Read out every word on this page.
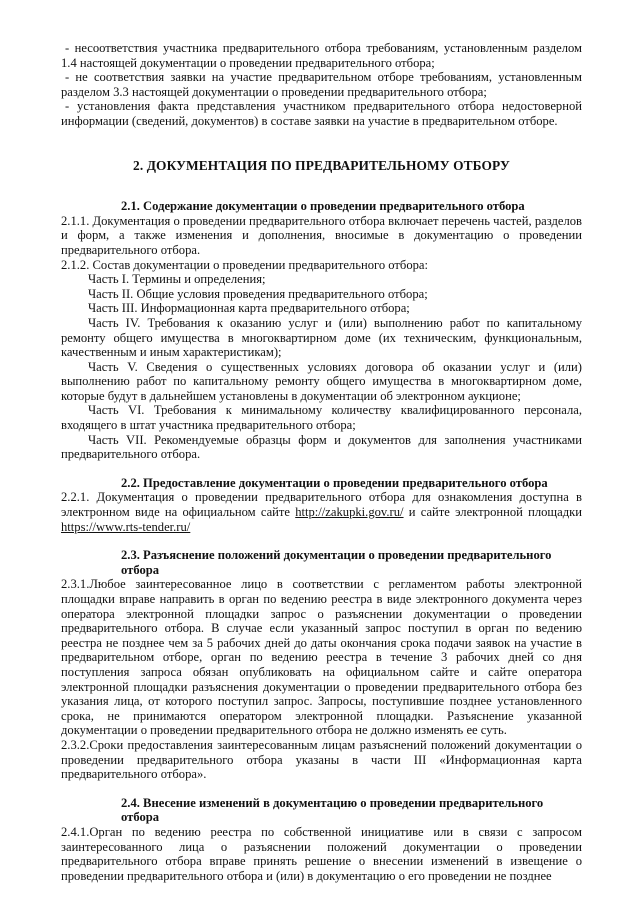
- несоответствия участника предварительного отбора требованиям, установленным разделом 1.4 настоящей документации о проведении предварительного отбора;

- не соответствия заявки на участие предварительном отборе требованиям, установленным разделом 3.3 настоящей документации о проведении предварительного отбора;

- установления факта представления участником предварительного отбора недостоверной информации (сведений, документов) в составе заявки на участие в предварительном отборе.

2. ДОКУМЕНТАЦИЯ ПО ПРЕДВАРИТЕЛЬНОМУ ОТБОРУ
2.1. Содержание документации о проведении предварительного отбора

2.1.1. Документация о проведении предварительного отбора включает перечень частей, разделов и форм, а также изменения и дополнения, вносимые в документацию о проведении предварительного отбора.

2.1.2. Состав документации о проведении предварительного отбора:

Часть I. Термины и определения;

Часть II. Общие условия проведения предварительного отбора;

Часть III. Информационная карта предварительного отбора;

Часть IV. Требования к оказанию услуг и (или) выполнению работ по капитальному ремонту общего имущества в многоквартирном доме (их техническим, функциональным, качественным и иным характеристикам);

Часть V. Сведения о существенных условиях договора об оказании услуг и (или) выполнению работ по капитальному ремонту общего имущества в многоквартирном доме, которые будут в дальнейшем установлены в документации об электронном аукционе;

Часть VI. Требования к минимальному количеству квалифицированного персонала, входящего в штат участника предварительного отбора;

Часть VII. Рекомендуемые образцы форм и документов для заполнения участниками предварительного отбора.

2.2. Предоставление документации о проведении предварительного отбора

2.2.1. Документация о проведении предварительного отбора для ознакомления доступна в электронном виде на официальном сайте http://zakupki.gov.ru/ и сайте электронной площадки https://www.rts-tender.ru/

2.3. Разъяснение положений документации о проведении предварительного отбора

2.3.1.Любое заинтересованное лицо в соответствии с регламентом работы электронной площадки вправе направить в орган по ведению реестра в виде электронного документа через оператора электронной площадки запрос о разъяснении документации о проведении предварительного отбора. В случае если указанный запрос поступил в орган по ведению реестра не позднее чем за 5 рабочих дней до даты окончания срока подачи заявок на участие в предварительном отборе, орган по ведению реестра в течение 3 рабочих дней со дня поступления запроса обязан опубликовать на официальном сайте и сайте оператора электронной площадки разъяснения документации о проведении предварительного отбора без указания лица, от которого поступил запрос. Запросы, поступившие позднее установленного срока, не принимаются оператором электронной площадки. Разъяснение указанной документации о проведении предварительного отбора не должно изменять ее суть.

2.3.2.Сроки предоставления заинтересованным лицам разъяснений положений документации о проведении предварительного отбора указаны в части III «Информационная карта предварительного отбора».

2.4. Внесение изменений в документацию о проведении предварительного отбора

2.4.1.Орган по ведению реестра по собственной инициативе или в связи с запросом заинтересованного лица о разъяснении положений документации о проведении предварительного отбора вправе принять решение о внесении изменений в извещение о проведении предварительного отбора и (или) в документацию о его проведении не позднее
